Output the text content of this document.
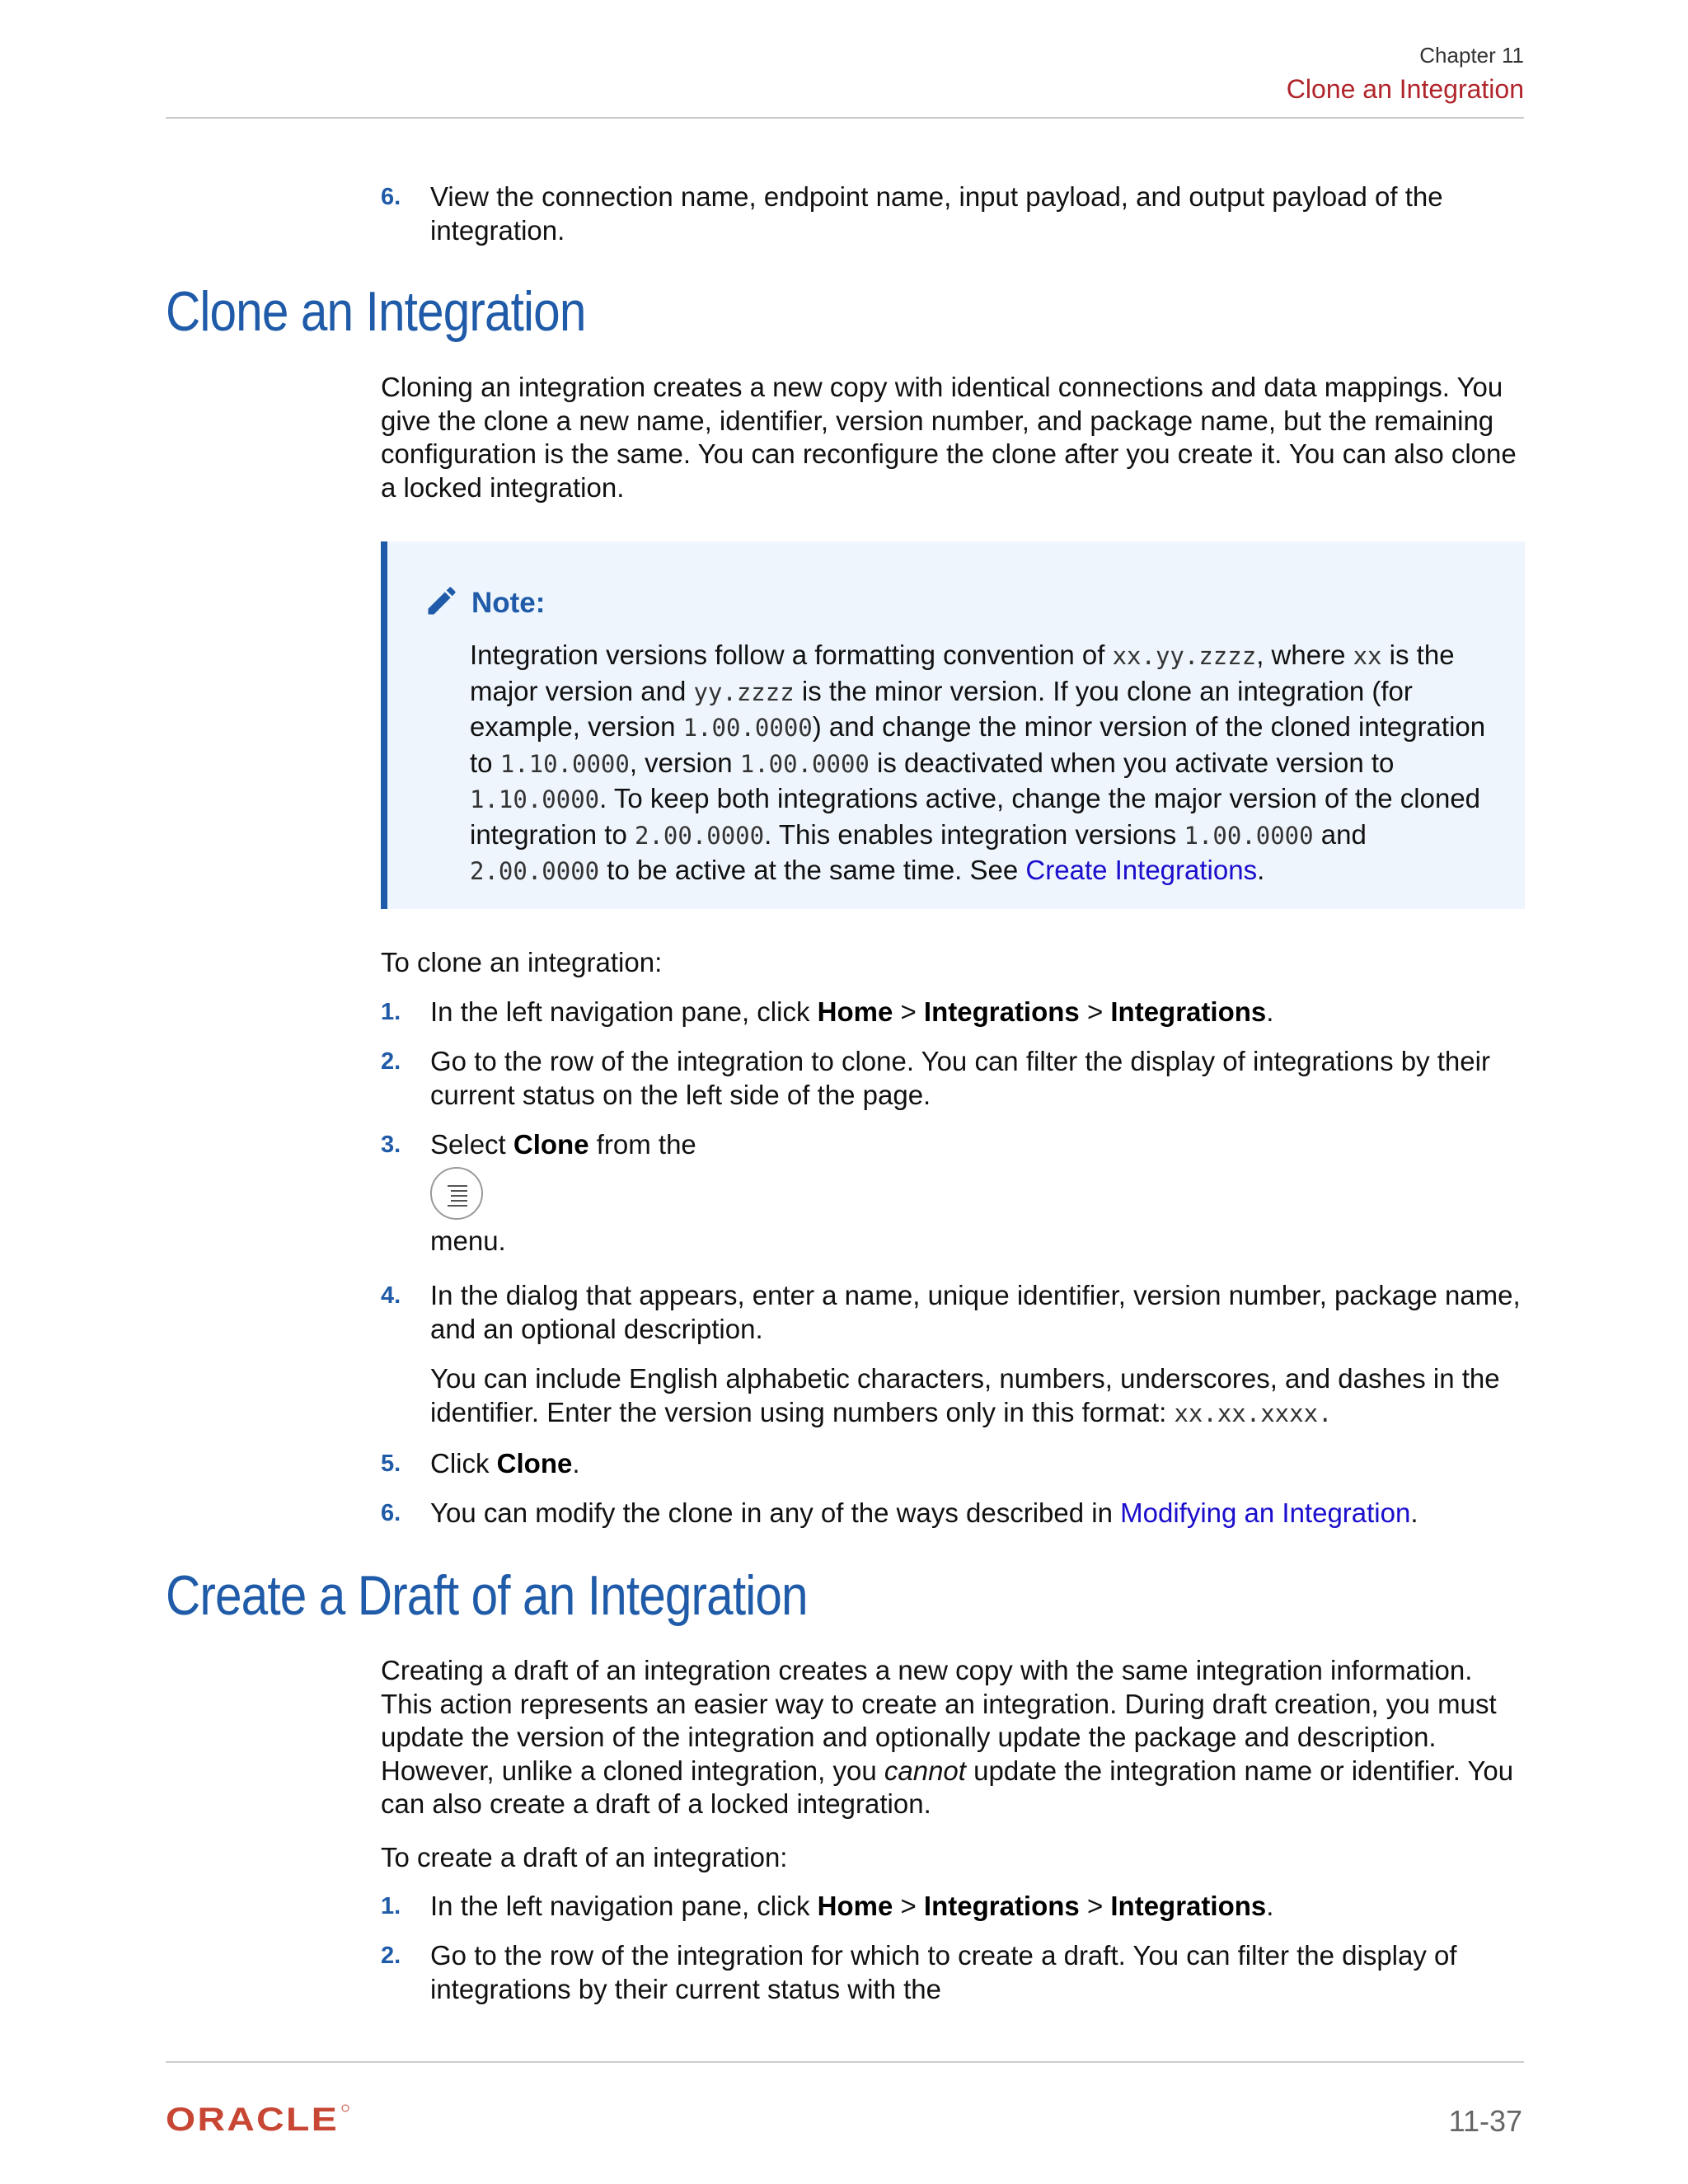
Chapter 11
Clone an Integration
6.	View the connection name, endpoint name, input payload, and output payload of the integration.
Clone an Integration
Cloning an integration creates a new copy with identical connections and data mappings. You give the clone a new name, identifier, version number, and package name, but the remaining configuration is the same. You can reconfigure the clone after you create it. You can also clone a locked integration.
Note:
Integration versions follow a formatting convention of xx.yy.zzzz, where xx is the major version and yy.zzzz is the minor version. If you clone an integration (for example, version 1.00.0000) and change the minor version of the cloned integration to 1.10.0000, version 1.00.0000 is deactivated when you activate version to 1.10.0000. To keep both integrations active, change the major version of the cloned integration to 2.00.0000. This enables integration versions 1.00.0000 and 2.00.0000 to be active at the same time. See Create Integrations.
To clone an integration:
1.	In the left navigation pane, click Home > Integrations > Integrations.
2.	Go to the row of the integration to clone. You can filter the display of integrations by their current status on the left side of the page.
3.	Select Clone from the
menu.
4.	In the dialog that appears, enter a name, unique identifier, version number, package name, and an optional description.
You can include English alphabetic characters, numbers, underscores, and dashes in the identifier. Enter the version using numbers only in this format: xx.xx.xxxx.
5.	Click Clone.
6.	You can modify the clone in any of the ways described in Modifying an Integration.
Create a Draft of an Integration
Creating a draft of an integration creates a new copy with the same integration information. This action represents an easier way to create an integration. During draft creation, you must update the version of the integration and optionally update the package and description. However, unlike a cloned integration, you cannot update the integration name or identifier. You can also create a draft of a locked integration.
To create a draft of an integration:
1.	In the left navigation pane, click Home > Integrations > Integrations.
2.	Go to the row of the integration for which to create a draft. You can filter the display of integrations by their current status with the
ORACLE	11-37
